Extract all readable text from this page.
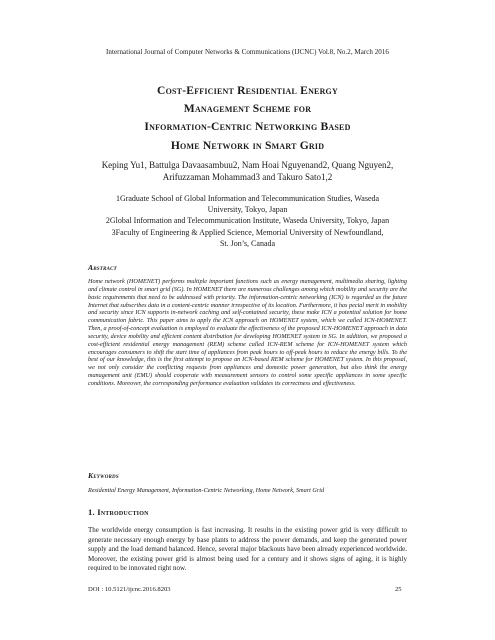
International Journal of Computer Networks & Communications (IJCNC) Vol.8, No.2, March 2016
Cost-Efficient Residential Energy
Management Scheme for
Information-Centric Networking Based
Home Network in Smart Grid
Keping Yu1, Battulga Davaasambuu2, Nam Hoai Nguyenand2, Quang Nguyen2,
Arifuzzaman Mohammad3 and Takuro Sato1,2
1Graduate School of Global Information and Telecommunication Studies, Waseda
University, Tokyo, Japan
2Global Information and Telecommunication Institute, Waseda University, Tokyo, Japan
3Faculty of Engineering & Applied Science, Memorial University of Newfoundland,
St. Jon’s, Canada
Abstract

Home network (HOMENET) performs multiple important functions such as energy management, multimedia sharing, lighting and climate control in smart grid (SG). In HOMENET there are numerous challenges among which mobility and security are the basic requirements that need to be addressed with priority. The information-centric networking (ICN) is regarded as the future Internet that subscribes data in a content-centric manner irrespective of its location. Furthermore, it has pecial merit in mobility and security since ICN supports in-network caching and self-contained security, these make ICN a potential solution for home communication fabric. This paper aims to apply the ICN approach on HOMENET system, which we called ICN-HOMENET. Then, a proof-of-concept evaluation is employed to evaluate the effectiveness of the proposed ICN-HOMENET approach in data security, device mobility and efficient content distribution for developing HOMENET system in SG. In addition, we proposed a cost-efficient residential energy management (REM) scheme called ICN-REM scheme for ICN-HOMENET system which encourages consumers to shift the start time of appliances from peak hours to off-peak hours to reduce the energy bills. To the best of our knowledge, this is the first attempt to propose an ICN-based REM scheme for HOMENET system. In this proposal, we not only consider the conflicting requests from appliances and domestic power generation, but also think the energy management unit (EMU) should cooperate with measurement sensors to control some specific appliances in some specific conditions. Moreover, the corresponding performance evaluation validates its correctness and effectiveness.

Keywords

Residential Energy Management, Information-Centric Networking, Home Network, Smart Grid

1. Introduction

The worldwide energy consumption is fast increasing. It results in the existing power grid is very difficult to generate necessary enough energy by base plants to address the power demands, and keep the generated power supply and the load demand balanced. Hence, several major blackouts have been already experienced worldwide. Moreover, the existing power grid is almost being used for a century and it shows signs of aging, it is highly required to be innovated right now.

DOI : 10.5121/ijcnc.2016.8203	25
